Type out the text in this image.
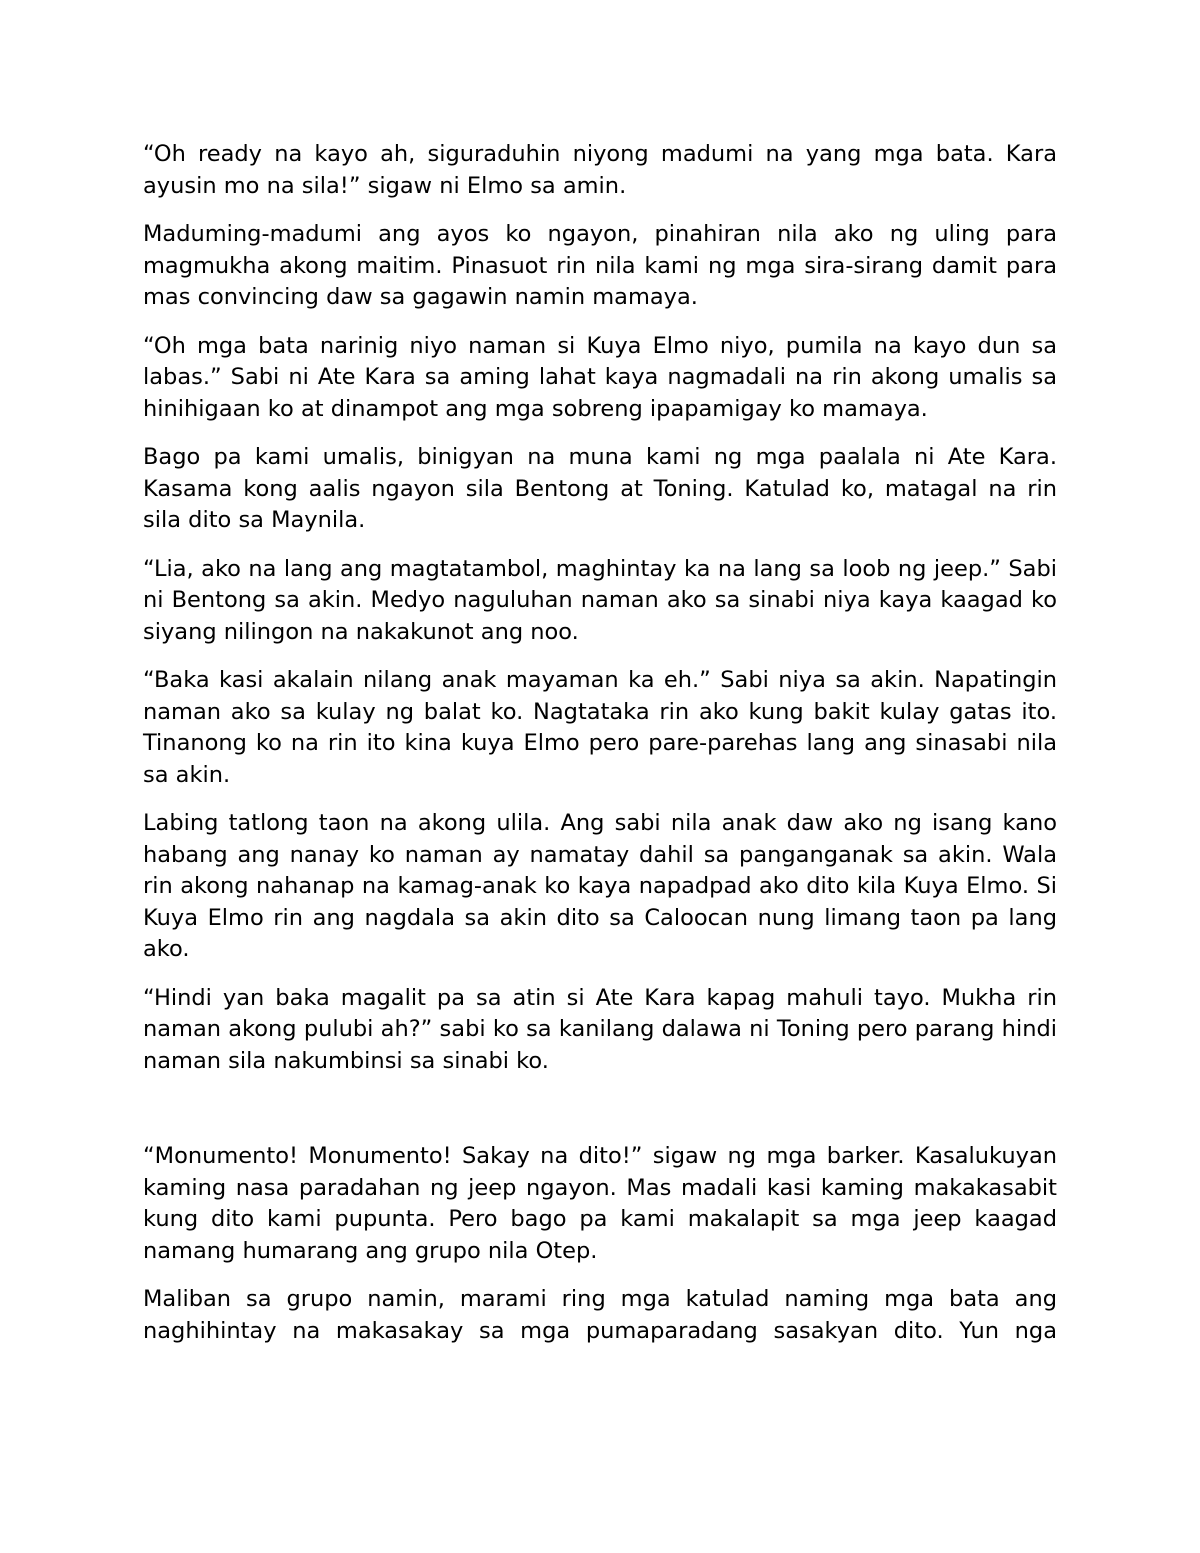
“Oh ready na kayo ah, siguraduhin niyong madumi na yang mga bata. Kara ayusin mo na sila!” sigaw ni Elmo sa amin.

Maduming-madumi ang ayos ko ngayon, pinahiran nila ako ng uling para magmukha akong maitim. Pinasuot rin nila kami ng mga sira-sirang damit para mas convincing daw sa gagawin namin mamaya.

“Oh mga bata narinig niyo naman si Kuya Elmo niyo, pumila na kayo dun sa labas.” Sabi ni Ate Kara sa aming lahat kaya nagmadali na rin akong umalis sa hinihigaan ko at dinampot ang mga sobreng ipapamigay ko mamaya.

Bago pa kami umalis, binigyan na muna kami ng mga paalala ni Ate Kara. Kasama kong aalis ngayon sila Bentong at Toning. Katulad ko, matagal na rin sila dito sa Maynila.

“Lia, ako na lang ang magtatambol, maghintay ka na lang sa loob ng jeep.” Sabi ni Bentong sa akin. Medyo naguluhan naman ako sa sinabi niya kaya kaagad ko siyang nilingon na nakakunot ang noo.

“Baka kasi akalain nilang anak mayaman ka eh.” Sabi niya sa akin. Napatingin naman ako sa kulay ng balat ko. Nagtataka rin ako kung bakit kulay gatas ito. Tinanong ko na rin ito kina kuya Elmo pero pare-parehas lang ang sinasabi nila sa akin.

Labing tatlong taon na akong ulila. Ang sabi nila anak daw ako ng isang kano habang ang nanay ko naman ay namatay dahil sa panganganak sa akin. Wala rin akong nahanap na kamag-anak ko kaya napadpad ako dito kila Kuya Elmo. Si Kuya Elmo rin ang nagdala sa akin dito sa Caloocan nung limang taon pa lang ako.

“Hindi yan baka magalit pa sa atin si Ate Kara kapag mahuli tayo. Mukha rin naman akong pulubi ah?” sabi ko sa kanilang dalawa ni Toning pero parang hindi naman sila nakumbinsi sa sinabi ko.

“Monumento! Monumento! Sakay na dito!” sigaw ng mga barker. Kasalukuyan kaming nasa paradahan ng jeep ngayon. Mas madali kasi kaming makakasabit kung dito kami pupunta. Pero bago pa kami makalapit sa mga jeep kaagad namang humarang ang grupo nila Otep.

Maliban sa grupo namin, marami ring mga katulad naming mga bata ang naghihintay na makasakay sa mga pumaparadang sasakyan dito. Yun nga
